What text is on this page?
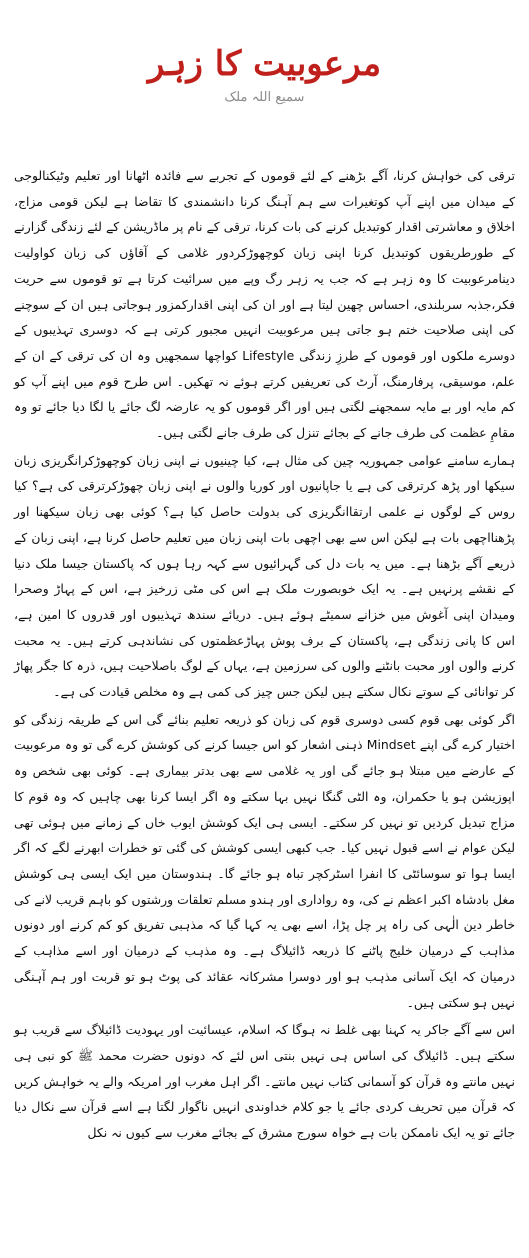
مرعوبیت کا زہر
سمیع اللہ ملک

ترقی کی خواہش کرنا، آگے بڑھنے کے لئے قوموں کے تجربے سے فائدہ اٹھانا اور تعلیم وٹیکنالوجی کے میدان میں اپنے آپ کوتغیرات سے ہم آہنگ کرنا دانشمندی کا تقاضا ہے لیکن قومی مزاج، اخلاق و معاشرتی اقدار کوتبدیل کرنے کی بات کرنا، ترقی کے نام پر ماڈریشن کے لئے زندگی گزارنے کے طورطریقوں کوتبدیل کرنا اپنی زبان کوچھوڑکردور غلامی کے آقاؤں کی زبان کواولیت دینامرعوبیت کا وہ زہر ہے کہ جب یہ زہر رگ وپے میں سرائیت کرتا ہے تو قوموں سے حریت فکر،جذبہ سربلندی، احساس چھین لیتا ہے اور ان کی اپنی اقدارکمزور ہوجاتی ہیں ان کے سوچنے کی اپنی صلاحیت ختم ہو جاتی ہیں مرعوبیت انہیں مجبور کرتی ہے کہ دوسری تہذیبوں کے دوسرے ملکوں اور قوموں کے طرزِ زندگی Lifestyle کواچھا سمجھیں وہ ان کی ترقی کے ان کے علم، موسیقی، پرفارمنگ، آرٹ کی تعریفیں کرتے ہوئے نہ تھکیں۔ اس طرح قوم میں اپنے آپ کو کم مایہ اور بے مایہ سمجھنے لگتی ہیں اور اگر قوموں کو یہ عارضہ لگ جائے یا لگا دیا جائے تو وہ مقامِ عظمت کی طرف جانے کے بجائے تنزل کی طرف جانے لگتی ہیں۔

ہمارے سامنے عوامی جمہوریہ چین کی مثال ہے، کیا چینیوں نے اپنی زبان کوچھوڑکرانگریزی زبان سیکھا اور پڑھ کرترقی کی ہے یا جاپانیوں اور کوریا والوں نے اپنی زبان چھوڑکرترقی کی ہے؟ کیا روس کے لوگوں نے علمی ارتقاانگریزی کی بدولت حاصل کیا ہے؟ کوئی بھی زبان سیکھنا اور پڑھنااچھی بات ہے لیکن اس سے بھی اچھی بات اپنی زبان میں تعلیم حاصل کرنا ہے، اپنی زبان کے ذریعے آگے بڑھنا ہے۔ میں یہ بات دل کی گہرائیوں سے کہہ رہا ہوں کہ پاکستان جیسا ملک دنیا کے نقشے پرنہیں ہے۔ یہ ایک خوبصورت ملک ہے اس کی مٹی زرخیز ہے، اس کے پہاڑ وصحرا ومیدان اپنی آغوش میں خزانے سمیٹے ہوئے ہیں۔ دریائے سندھ تہذیبوں اور قدروں کا امین ہے، اس کا پانی زندگی ہے، پاکستان کے برف پوش پہاڑعظمتوں کی نشاندہی کرتے ہیں۔ یہ محبت کرنے والوں اور محبت بانٹنے والوں کی سرزمین ہے، یہاں کے لوگ باصلاحیت ہیں، ذرہ کا جگر پھاڑ کر توانائی کے سوتے نکال سکتے ہیں لیکن جس چیز کی کمی ہے وہ مخلص قیادت کی ہے۔

اگر کوئی بھی قوم کسی دوسری قوم کی زبان کو ذریعہ تعلیم بنائے گی اس کے طریقہ زندگی کو اختیار کرے گی اپنے Mindset ذہنی اشعار کو اس جیسا کرنے کی کوشش کرے گی تو وہ مرعوبیت کے عارضے میں مبتلا ہو جائے گی اور یہ غلامی سے بھی بدتر بیماری ہے۔ کوئی بھی شخص وہ اپوزیشن ہو یا حکمران، وہ الٹی گنگا نہیں بہا سکتے وہ اگر ایسا کرنا بھی چاہیں کہ وہ قوم کا مزاج تبدیل کردیں تو نہیں کر سکتے۔ ایسی ہی ایک کوشش ایوب خاں کے زمانے میں ہوئی تھی لیکن عوام نے اسے قبول نہیں کیا۔ جب کبھی ایسی کوشش کی گئی تو خطرات ابھرنے لگے کہ اگر ایسا ہوا تو سوسائٹی کا انفرا اسٹرکچر تباہ ہو جائے گا۔ ہندوستان میں ایک ایسی ہی کوشش مغل بادشاہ اکبر اعظم نے کی، وہ رواداری اور ہندو مسلم تعلقات ورشتوں کو باہم قریب لانے کی خاطر دین الٰہی کی راہ پر چل پڑا، اسے بھی یہ کہا گیا کہ مذہبی تفریق کو کم کرنے اور دونوں مذاہب کے درمیان خلیج پاٹنے کا ذریعہ ڈائیلاگ ہے۔ وہ مذہب کے درمیان اور اسے مذاہب کے درمیان کہ ایک آسانی مذہب ہو اور دوسرا مشرکانہ عقائد کی پوٹ ہو تو قربت اور ہم آہنگی نہیں ہو سکتی ہیں۔

اس سے آگے جاکر یہ کہنا بھی غلط نہ ہوگا کہ اسلام، عیسائیت اور یہودیت ڈائیلاگ سے قریب ہو سکتے ہیں۔ ڈائیلاگ کی اساس ہی نہیں بنتی اس لئے کہ دونوں حضرت محمد ﷺ کو نبی ہی نہیں مانتے وہ قرآن کو آسمانی کتاب نہیں مانتے۔ اگر اہل مغرب اور امریکہ والے یہ خواہش کریں کہ قرآن میں تحریف کردی جائے یا جو کلام خداوندی انہیں ناگوار لگتا ہے اسے قرآن سے نکال دیا جائے تو یہ ایک ناممکن بات ہے خواہ سورج مشرق کے بجائے مغرب سے کیوں نہ نکل
